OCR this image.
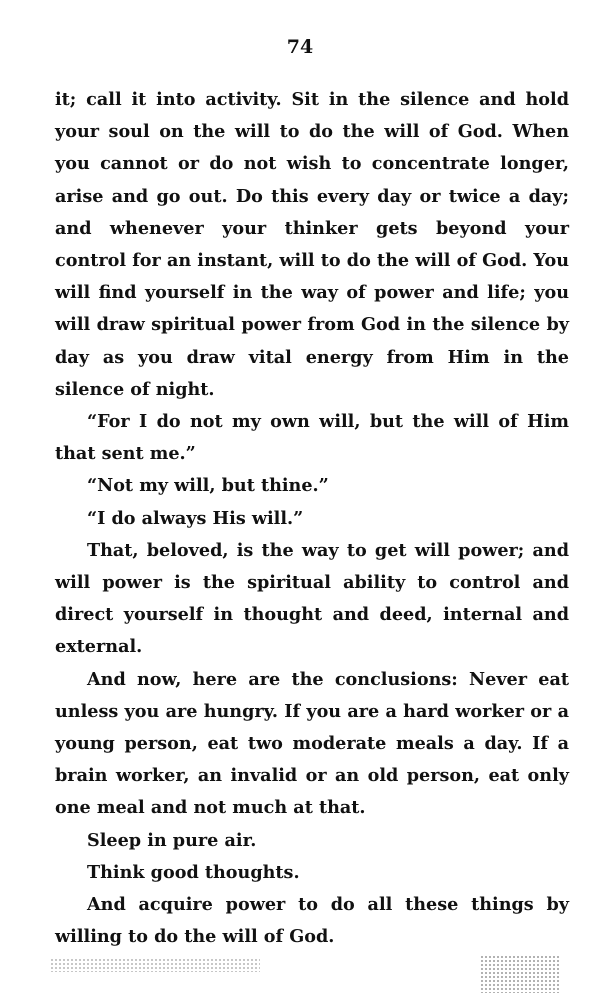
74

it; call it into activity. Sit in the silence and hold your soul on the will to do the will of God. When you cannot or do not wish to concentrate longer, arise and go out. Do this every day or twice a day; and whenever your thinker gets beyond your control for an instant, will to do the will of God. You will find yourself in the way of power and life; you will draw spiritual power from God in the silence by day as you draw vital energy from Him in the silence of night.

“For I do not my own will, but the will of Him that sent me.”

“Not my will, but thine.”

“I do always His will.”

That, beloved, is the way to get will power; and will power is the spiritual ability to control and direct yourself in thought and deed, internal and external.

And now, here are the conclusions: Never eat unless you are hungry. If you are a hard worker or a young person, eat two moderate meals a day. If a brain worker, an invalid or an old person, eat only one meal and not much at that.

Sleep in pure air.

Think good thoughts.

And acquire power to do all these things by willing to do the will of God.
